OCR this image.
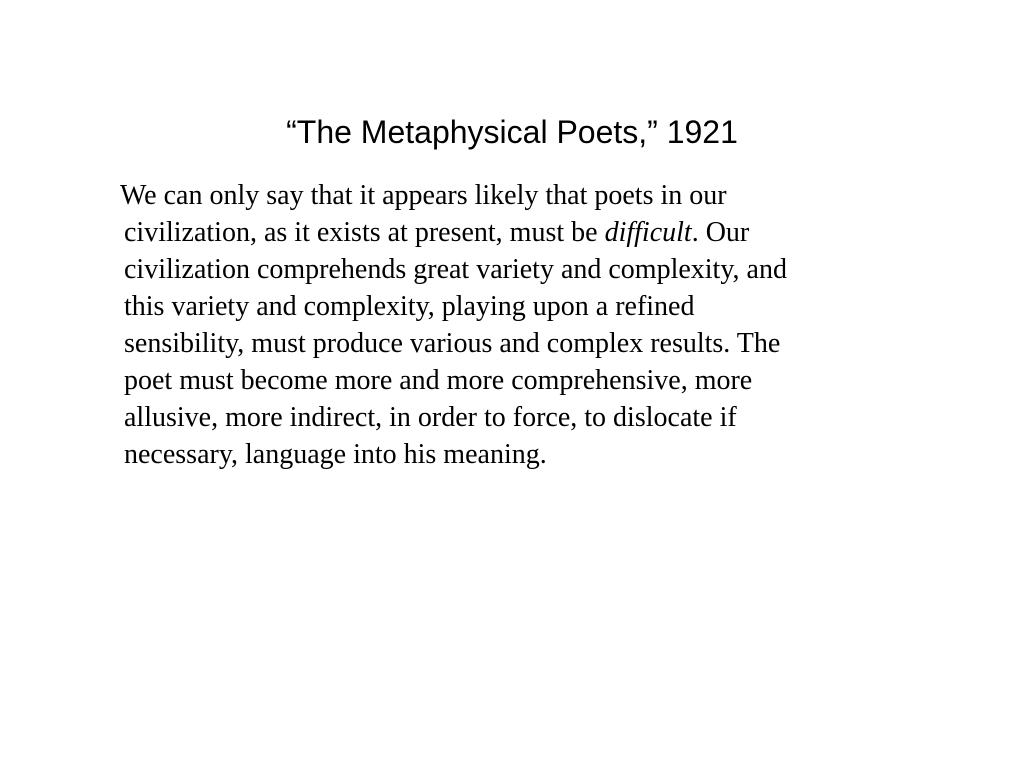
“The Metaphysical Poets,” 1921

We can only say that it appears likely that poets in our
civilization, as it exists at present, must be difficult. Our
civilization comprehends great variety and complexity, and
this variety and complexity, playing upon a refined
sensibility, must produce various and complex results. The
poet must become more and more comprehensive, more
allusive, more indirect, in order to force, to dislocate if
necessary, language into his meaning.
